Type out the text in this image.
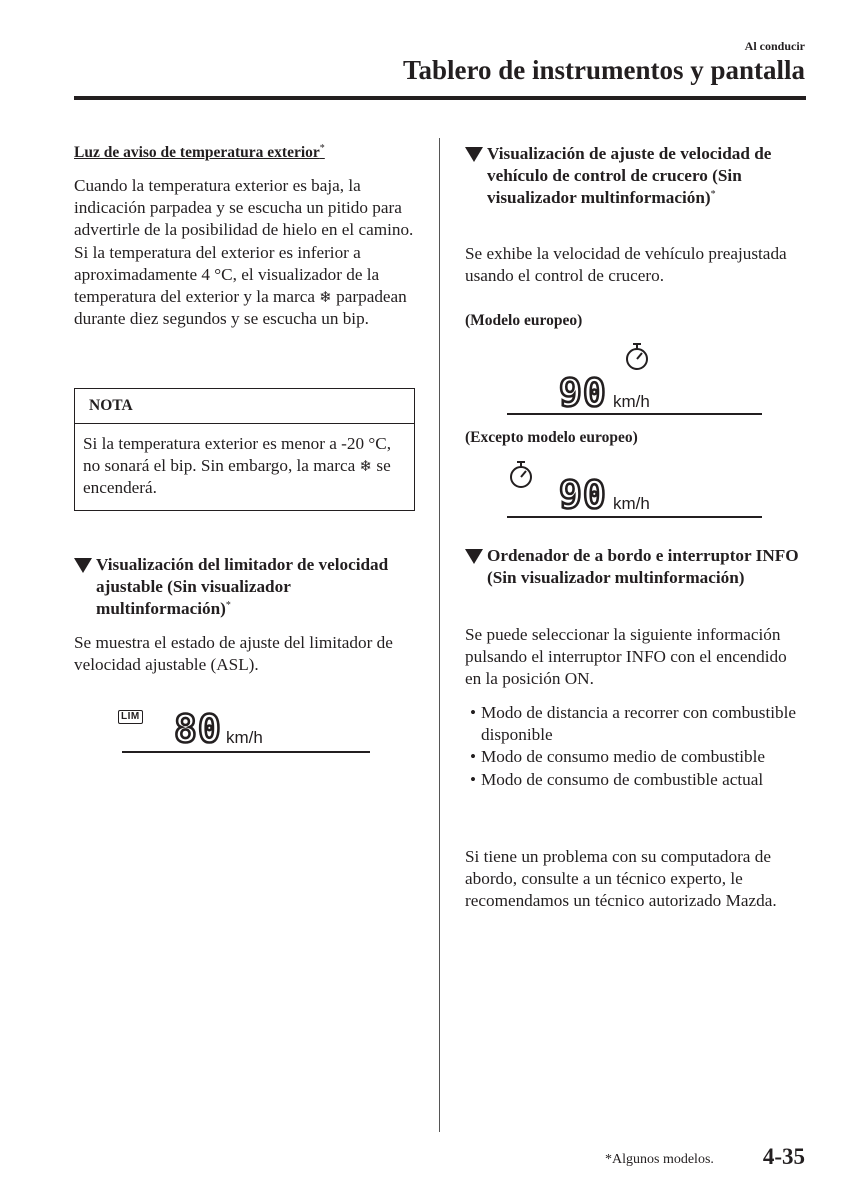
Al conducir
Tablero de instrumentos y pantalla

Luz de aviso de temperatura exterior*

Cuando la temperatura exterior es baja, la indicación parpadea y se escucha un pitido para advertirle de la posibilidad de hielo en el camino.

Si la temperatura del exterior es inferior a aproximadamente 4 °C, el visualizador de la temperatura del exterior y la marca ❄ parpadean durante diez segundos y se escucha un bip.

NOTA

Si la temperatura exterior es menor a -20 °C, no sonará el bip. Sin embargo, la marca ❄ se encenderá.

Visualización del limitador de velocidad ajustable (Sin visualizador multinformación)*

Se muestra el estado de ajuste del limitador de velocidad ajustable (ASL).

LIM 80 km/h

Visualización de ajuste de velocidad de vehículo de control de crucero (Sin visualizador multinformación)*

Se exhibe la velocidad de vehículo preajustada usando el control de crucero.

(Modelo europeo)

(Excepto modelo europeo)

Ordenador de a bordo e interruptor INFO (Sin visualizador multinformación)

Se puede seleccionar la siguiente información pulsando el interruptor INFO con el encendido en la posición ON.

• Modo de distancia a recorrer con combustible disponible
• Modo de consumo medio de combustible
• Modo de consumo de combustible actual

Si tiene un problema con su computadora de abordo, consulte a un técnico experto, le recomendamos un técnico autorizado Mazda.

90 km/h
90 km/h
*Algunos modelos. 4-35
